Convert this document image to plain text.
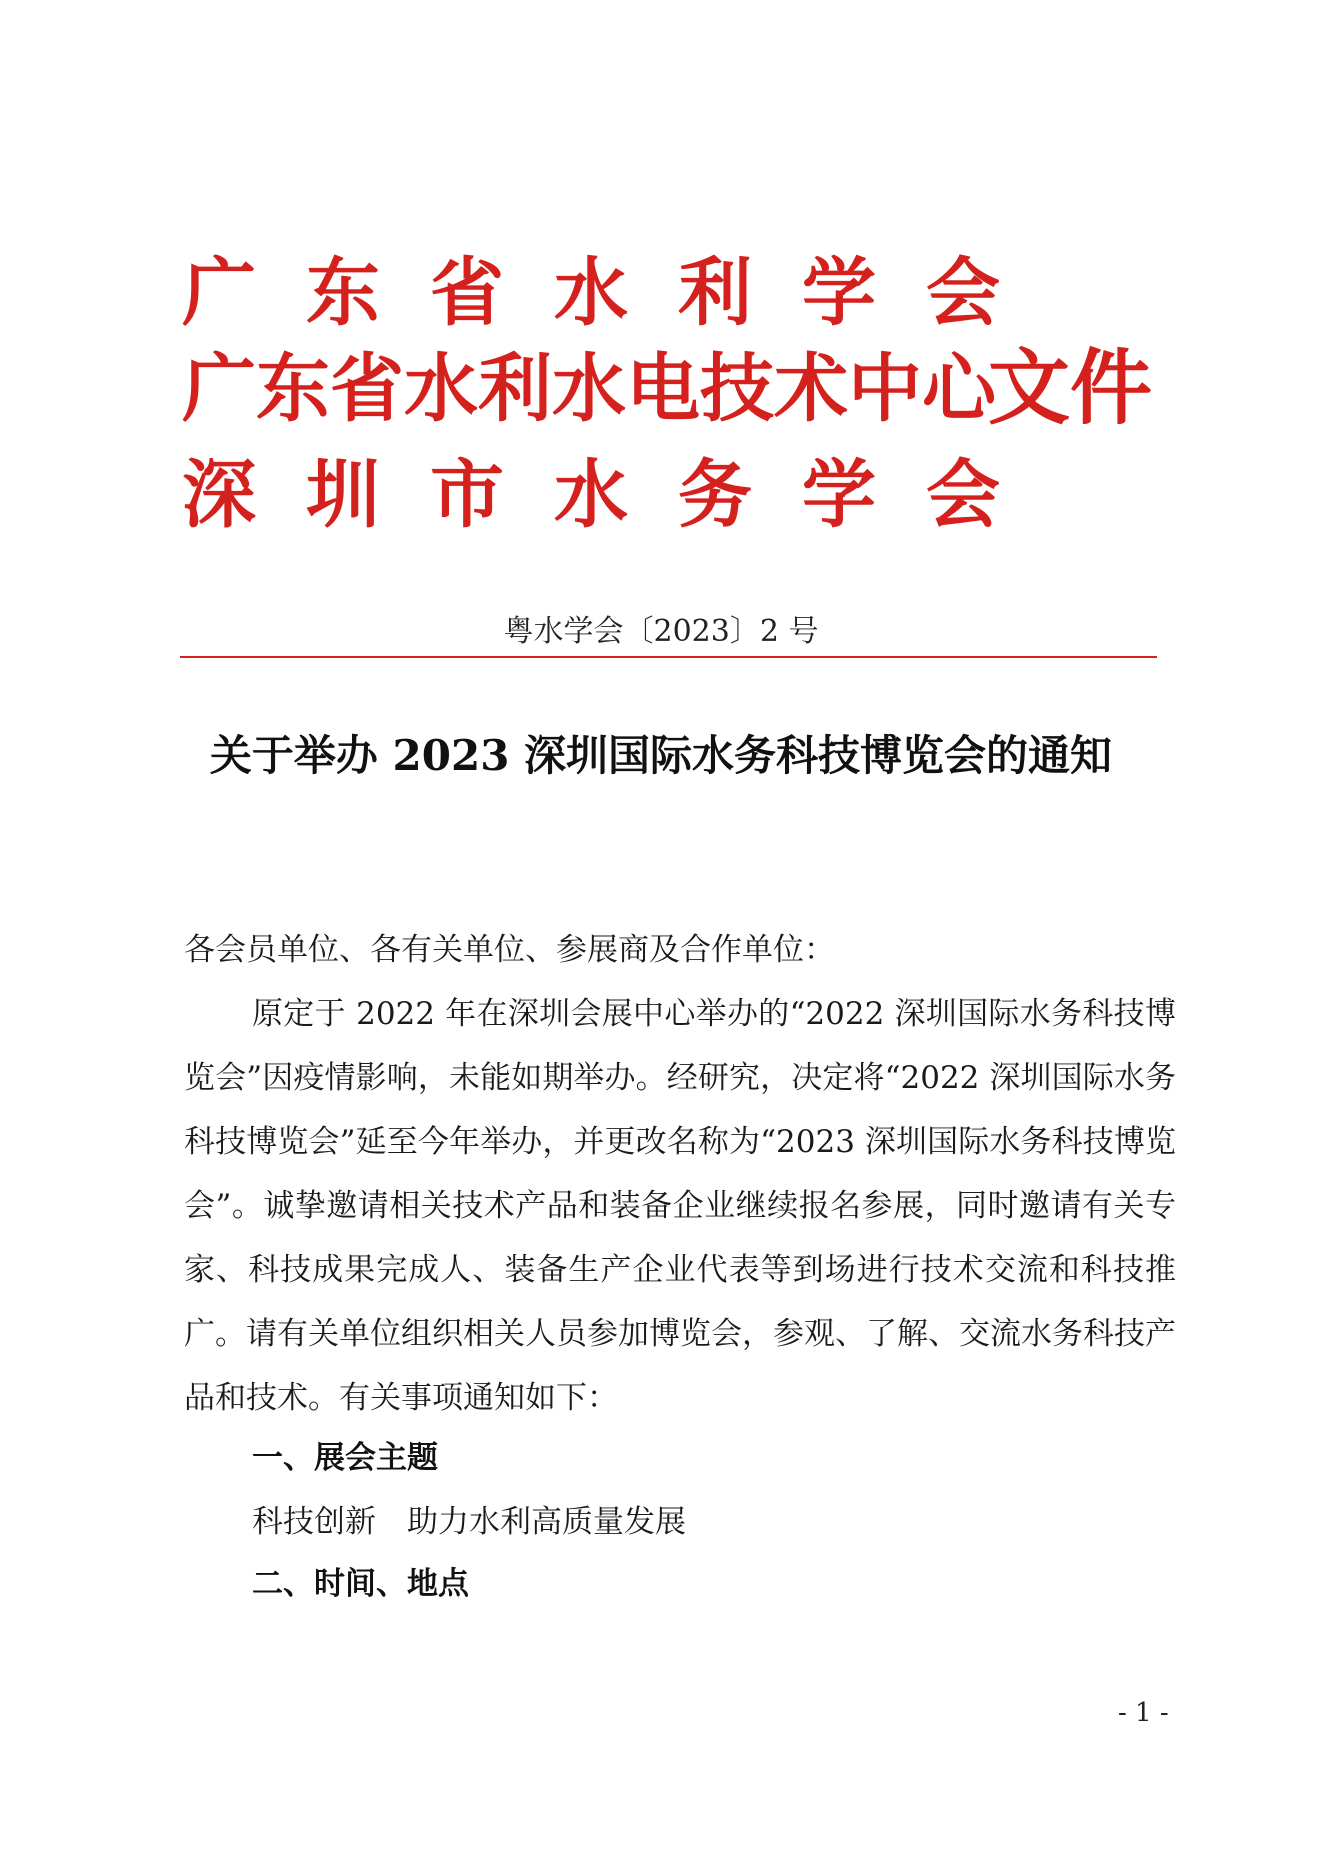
广东省水利学会
广东省水利水电技术中心
文件
深圳市水务学会
粤水学会〔2023〕2 号
关于举办 2023 深圳国际水务科技博览会的通知
各会员单位、各有关单位、参展商及合作单位：
原定于 2022 年在深圳会展中心举办的“2022 深圳国际水务科技博览会”因疫情影响，未能如期举办。经研究，决定将“2022 深圳国际水务科技博览会”延至今年举办，并更改名称为“2023 深圳国际水务科技博览会”。诚挚邀请相关技术产品和装备企业继续报名参展，同时邀请有关专家、科技成果完成人、装备生产企业代表等到场进行技术交流和科技推广。请有关单位组织相关人员参加博览会，参观、了解、交流水务科技产品和技术。有关事项通知如下：
一、展会主题
科技创新　助力水利高质量发展
二、时间、地点
- 1 -
